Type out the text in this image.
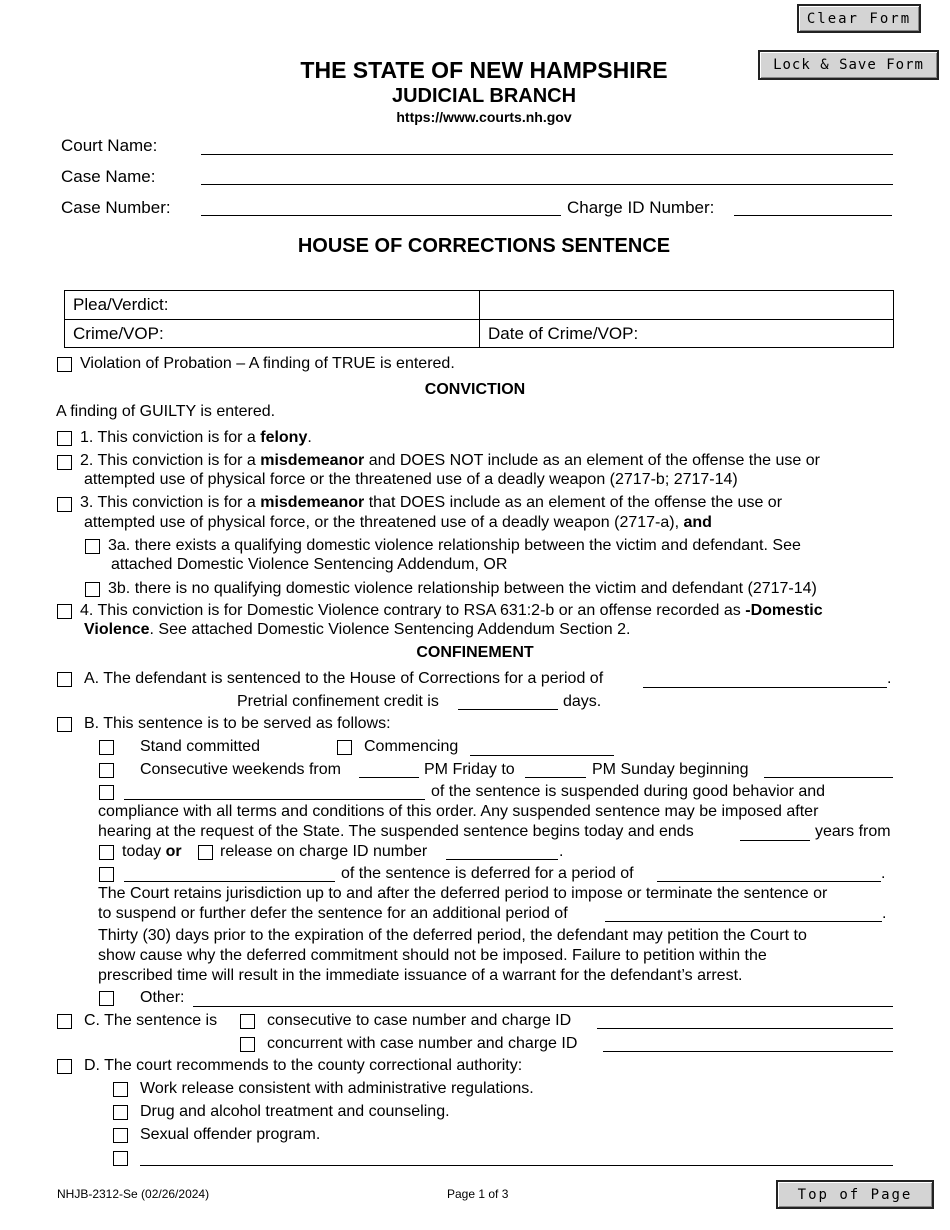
Clear Form
Lock & Save Form
Top of Page
THE STATE OF NEW HAMPSHIRE
JUDICIAL BRANCH
https://www.courts.nh.gov
Court Name:
Case Name:
Case Number:	Charge ID Number:
HOUSE OF CORRECTIONS SENTENCE
Plea/Verdict:
Crime/VOP:	Date of Crime/VOP:
Violation of Probation – A finding of TRUE is entered.
CONVICTION
A finding of GUILTY is entered.
1. This conviction is for a felony.
2. This conviction is for a misdemeanor and DOES NOT include as an element of the offense the use or
attempted use of physical force or the threatened use of a deadly weapon (2717-b; 2717-14)
3. This conviction is for a misdemeanor that DOES include as an element of the offense the use or
attempted use of physical force, or the threatened use of a deadly weapon (2717-a), and
3a. there exists a qualifying domestic violence relationship between the victim and defendant. See
attached Domestic Violence Sentencing Addendum, OR
3b. there is no qualifying domestic violence relationship between the victim and defendant (2717-14)
4. This conviction is for Domestic Violence contrary to RSA 631:2-b or an offense recorded as -Domestic
Violence. See attached Domestic Violence Sentencing Addendum Section 2.
CONFINEMENT
A. The defendant is sentenced to the House of Corrections for a period of	.
Pretrial confinement credit is	days.
B. This sentence is to be served as follows:
Stand committed	Commencing
Consecutive weekends from	PM Friday to	PM Sunday beginning
of the sentence is suspended during good behavior and
compliance with all terms and conditions of this order. Any suspended sentence may be imposed after
hearing at the request of the State. The suspended sentence begins today and ends	years from
today or release on charge ID number	.
of the sentence is deferred for a period of	.
The Court retains jurisdiction up to and after the deferred period to impose or terminate the sentence or
to suspend or further defer the sentence for an additional period of	.
Thirty (30) days prior to the expiration of the deferred period, the defendant may petition the Court to
show cause why the deferred commitment should not be imposed. Failure to petition within the
prescribed time will result in the immediate issuance of a warrant for the defendant’s arrest.
Other:
C. The sentence is	consecutive to case number and charge ID
concurrent with case number and charge ID
D. The court recommends to the county correctional authority:
Work release consistent with administrative regulations.
Drug and alcohol treatment and counseling.
Sexual offender program.
NHJB-2312-Se (02/26/2024)	Page 1 of 3
